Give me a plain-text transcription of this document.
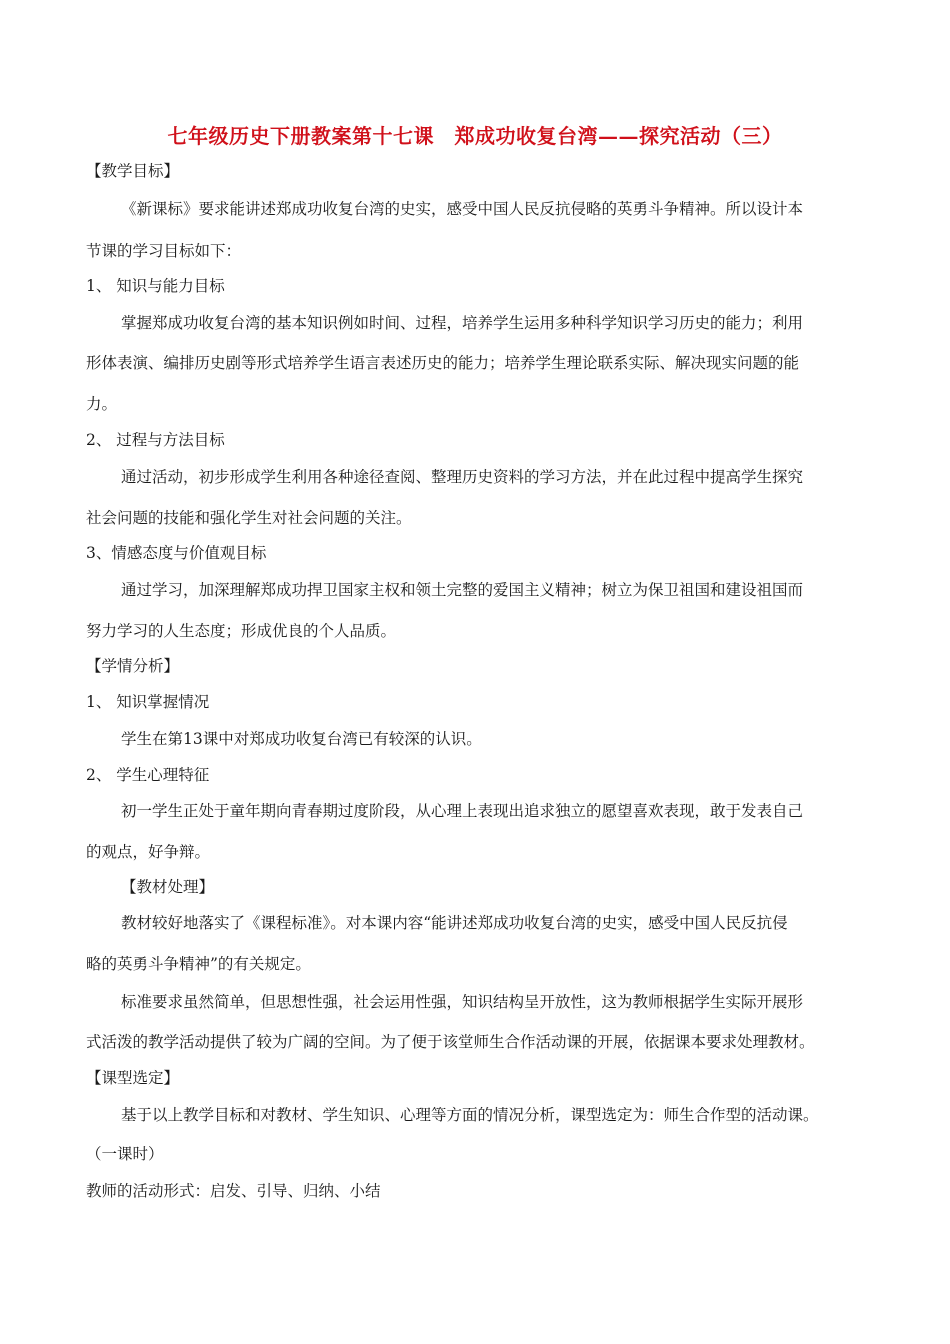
七年级历史下册教案第十七课　郑成功收复台湾——探究活动（三）
【教学目标】
《新课标》要求能讲述郑成功收复台湾的史实，感受中国人民反抗侵略的英勇斗争精神。所以设计本
节课的学习目标如下：
1、 知识与能力目标
掌握郑成功收复台湾的基本知识例如时间、过程，培养学生运用多种科学知识学习历史的能力；利用
形体表演、编排历史剧等形式培养学生语言表述历史的能力；培养学生理论联系实际、解决现实问题的能
力。
2、 过程与方法目标
通过活动，初步形成学生利用各种途径查阅、整理历史资料的学习方法，并在此过程中提高学生探究
社会问题的技能和强化学生对社会问题的关注。
3、情感态度与价值观目标
通过学习，加深理解郑成功捍卫国家主权和领土完整的爱国主义精神；树立为保卫祖国和建设祖国而
努力学习的人生态度；形成优良的个人品质。
【学情分析】
1、 知识掌握情况
学生在第13课中对郑成功收复台湾已有较深的认识。
2、 学生心理特征
初一学生正处于童年期向青春期过度阶段，从心理上表现出追求独立的愿望喜欢表现，敢于发表自己
的观点，好争辩。
【教材处理】
教材较好地落实了《课程标准》。对本课内容“能讲述郑成功收复台湾的史实，感受中国人民反抗侵
略的英勇斗争精神”的有关规定。
标准要求虽然简单，但思想性强，社会运用性强，知识结构呈开放性，这为教师根据学生实际开展形
式活泼的教学活动提供了较为广阔的空间。为了便于该堂师生合作活动课的开展，依据课本要求处理教材。
【课型选定】
基于以上教学目标和对教材、学生知识、心理等方面的情况分析，课型选定为：师生合作型的活动课。
（一课时）
教师的活动形式：启发、引导、归纳、小结
